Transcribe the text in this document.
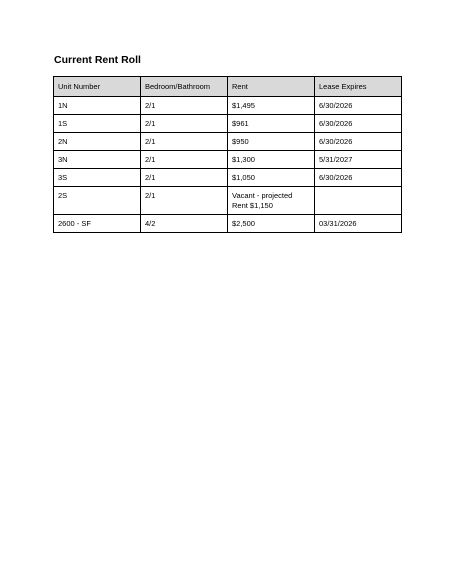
Current Rent Roll
Unit Number	Bedroom/Bathroom	Rent	Lease Expires
1N	2/1	$1,495	6/30/2026
1S	2/1	$961	6/30/2026
2N	2/1	$950	6/30/2026
3N	2/1	$1,300	5/31/2027
3S	2/1	$1,050	6/30/2026
2S	2/1	Vacant - projected Rent $1,150	
2600 - SF	4/2	$2,500	03/31/2026
